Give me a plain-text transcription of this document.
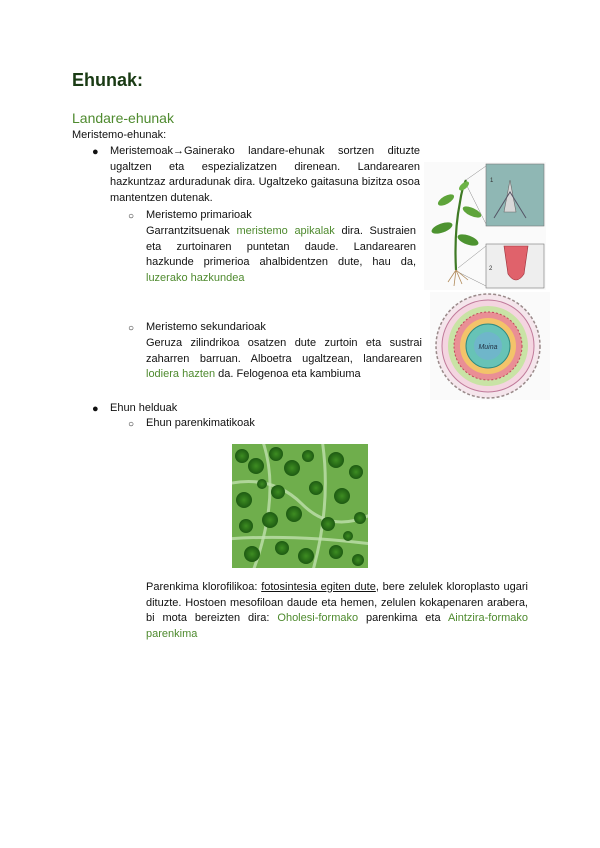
Ehunak:
Landare-ehunak
Meristemo-ehunak:
● Meristemoak→Gainerako landare-ehunak sortzen dituzte ugaltzen eta espezializatzen direnean. Landarearen hazkuntzaz arduradunak dira. Ugaltzeko gaitasuna bizitza osoa mantentzen dutenak.
○ Meristemo primarioak
Garrantzitsuenak meristemo apikalak dira. Sustraien eta zurtoinaren puntetan daude. Landarearen hazkunde primerioa ahalbidentzen dute, hau da, luzerako hazkundea
○ Meristemo sekundarioak
Geruza zilindrikoa osatzen dute zurtoin eta sustrai zaharren barruan. Alboetra ugaltzean, landarearen lodiera hazten da. Felogenoa eta kambiuma
● Ehun helduak
○ Ehun parenkimatikoak
Parenkima klorofilikoa: fotosintesia egiten dute, bere zelulek kloroplasto ugari dituzte. Hostoen mesofiloan daude eta hemen, zelulen kokapenaren arabera, bi mota bereizten dira: Oholesi-formako parenkima eta Aintzira-formako parenkima
1
2
Muina
